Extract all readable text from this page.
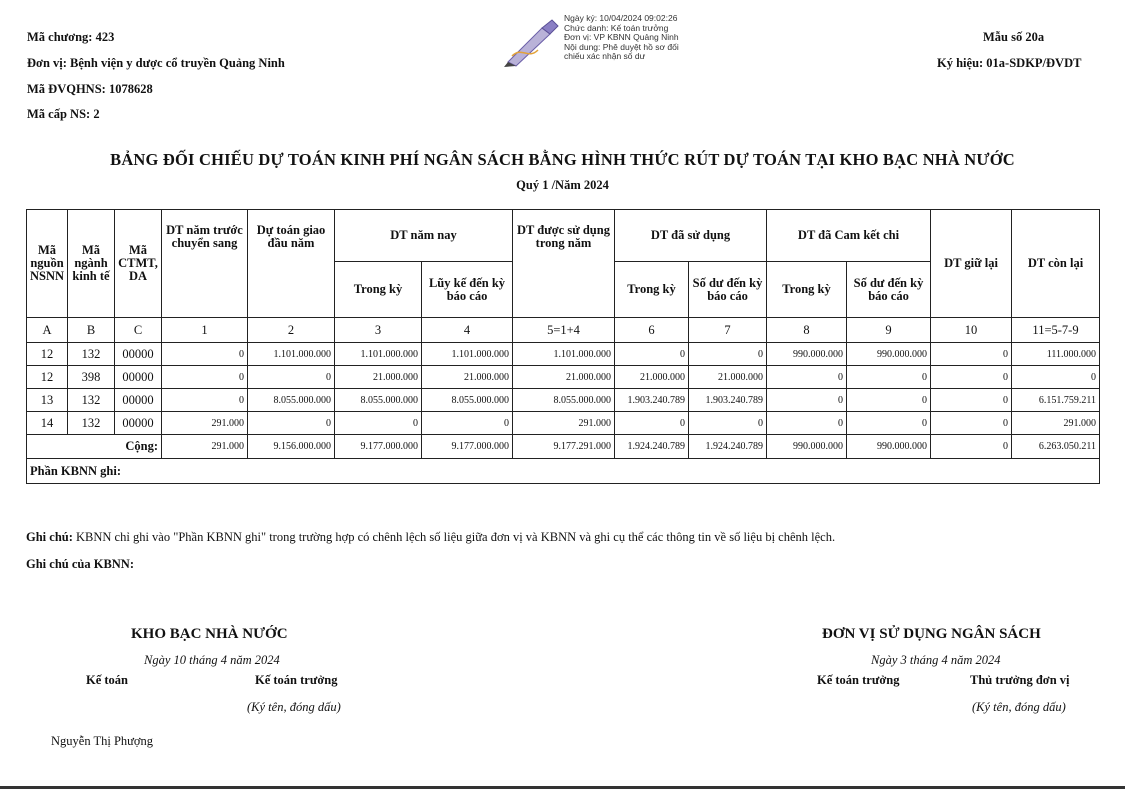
Mã chương: 423
Đơn vị: Bệnh viện y dược cổ truyền Quảng Ninh
Mã ĐVQHNS: 1078628
Mã cấp NS: 2
Mẫu số 20a
Ký hiệu: 01a-SDKP/ĐVDT
Ngày ký: 10/04/2024 09:02:26
Chức danh: Kế toán trưởng
Đơn vị: VP KBNN Quảng Ninh
Nội dung: Phê duyệt hồ sơ đối
chiếu xác nhận số dư
BẢNG ĐỐI CHIẾU DỰ TOÁN KINH PHÍ NGÂN SÁCH BẰNG HÌNH THỨC RÚT DỰ TOÁN TẠI KHO BẠC NHÀ NƯỚC
Quý 1 /Năm 2024
Mã nguồn NSNN	Mã ngành kinh tế	Mã CTMT, DA	DT năm trước chuyển sang	Dự toán giao đầu năm	DT năm nay		DT được sử dụng trong năm	DT đã sử dụng		DT đã Cam kết chi		DT giữ lại	DT còn lại
					Trong kỳ	Lũy kế đến kỳ báo cáo		Trong kỳ	Số dư đến kỳ báo cáo	Trong kỳ	Số dư đến kỳ báo cáo		
A	B	C	1	2	3	4	5=1+4	6	7	8	9	10	11=5-7-9
12	132	00000	0	1.101.000.000	1.101.000.000	1.101.000.000	1.101.000.000	0	0	990.000.000	990.000.000	0	111.000.000
12	398	00000	0	0	21.000.000	21.000.000	21.000.000	21.000.000	21.000.000	0	0	0	0
13	132	00000	0	8.055.000.000	8.055.000.000	8.055.000.000	8.055.000.000	1.903.240.789	1.903.240.789	0	0	0	6.151.759.211
14	132	00000	291.000	0	0	0	291.000	0	0	0	0	0	291.000
Cộng:			291.000	9.156.000.000	9.177.000.000	9.177.000.000	9.177.291.000	1.924.240.789	1.924.240.789	990.000.000	990.000.000	0	6.263.050.211
Phần KBNN ghi:													
Ghi chú: KBNN chỉ ghi vào "Phần KBNN ghi" trong trường hợp có chênh lệch số liệu giữa đơn vị và KBNN và ghi cụ thể các thông tin về số liệu bị chênh lệch.
Ghi chú của KBNN:
KHO BẠC NHÀ NƯỚC
Ngày 10 tháng 4 năm 2024
Kế toán	Kế toán trưởng
(Ký tên, đóng dấu)
Nguyễn Thị Phượng
ĐƠN VỊ SỬ DỤNG NGÂN SÁCH
Ngày 3 tháng 4 năm 2024
Kế toán trưởng	Thủ trưởng đơn vị
(Ký tên, đóng dấu)
